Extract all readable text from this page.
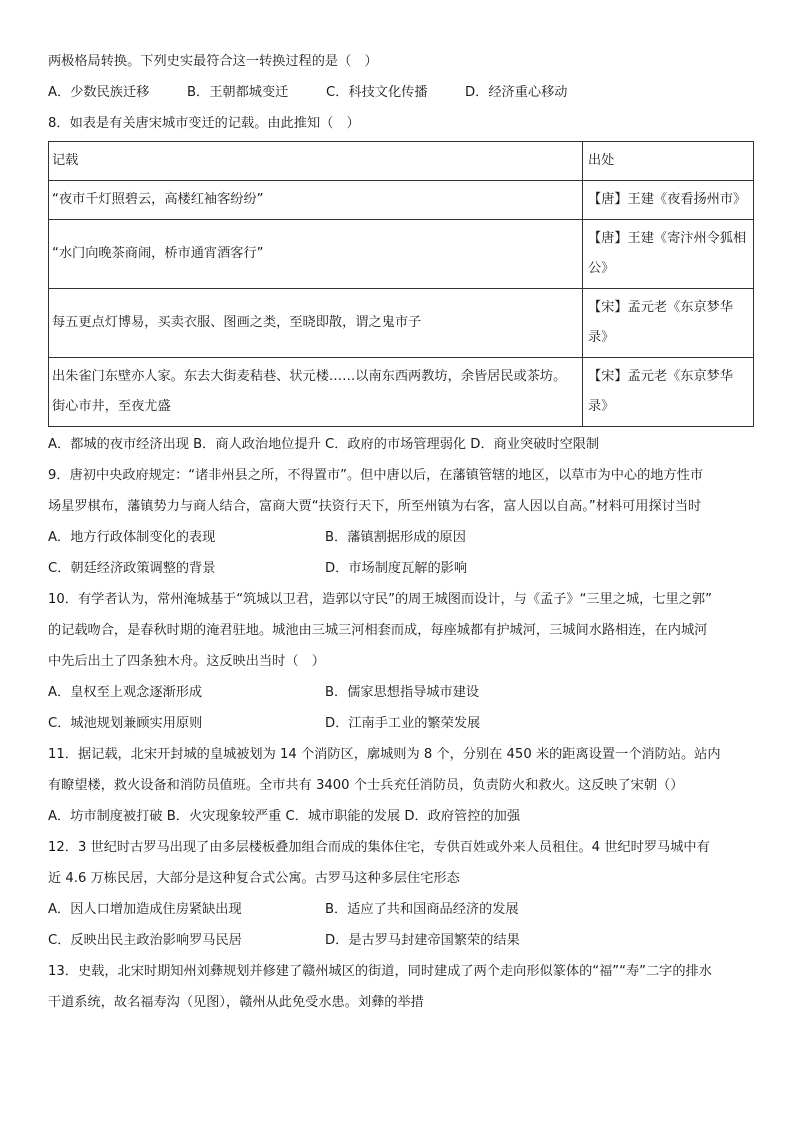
两极格局转换。下列史实最符合这一转换过程的是（　）
A．少数民族迁移	B．王朝都城变迁	C．科技文化传播	D．经济重心移动
8．如表是有关唐宋城市变迁的记载。由此推知（　）
记载	出处
“夜市千灯照碧云，高楼红袖客纷纷”	【唐】王建《夜看扬州市》
“水门向晚茶商闹，桥市通宵酒客行”	【唐】王建《寄汴州令狐相公》
每五更点灯博易，买卖衣服、图画之类，至晓即散，谓之鬼市子	【宋】孟元老《东京梦华录》
出朱雀门东壁亦人家。东去大街麦秸巷、状元楼……以南东西两教坊，余皆居民或茶坊。街心市井，至夜尤盛	【宋】孟元老《东京梦华录》
A．都城的夜市经济出现 B．商人政治地位提升 C．政府的市场管理弱化 D．商业突破时空限制
9．唐初中央政府规定：“诸非州县之所，不得置市”。但中唐以后，在藩镇管辖的地区，以草市为中心的地方性市
场星罗棋布，藩镇势力与商人结合，富商大贾“扶资行天下，所至州镇为右客，富人因以自高。”材料可用探讨当时
A．地方行政体制变化的表现	B．藩镇割据形成的原因
C．朝廷经济政策调整的背景	D．市场制度瓦解的影响
10．有学者认为，常州淹城基于“筑城以卫君，造郭以守民”的周王城图而设计，与《孟子》“三里之城，七里之郭”
的记载吻合，是春秋时期的淹君驻地。城池由三城三河相套而成，每座城都有护城河，三城间水路相连，在内城河
中先后出土了四条独木舟。这反映出当时（　）
A．皇权至上观念逐渐形成	B．儒家思想指导城市建设
C．城池规划兼顾实用原则	D．江南手工业的繁荣发展
11．据记载，北宋开封城的皇城被划为 14 个消防区，廓城则为 8 个，分别在 450 米的距离设置一个消防站。站内
有瞭望楼，救火设备和消防员值班。全市共有 3400 个士兵充任消防员，负责防火和救火。这反映了宋朝（）
A．坊市制度被打破 B．火灾现象较严重 C．城市职能的发展 D．政府管控的加强
12．3 世纪时古罗马出现了由多层楼板叠加组合而成的集体住宅，专供百姓或外来人员租住。4 世纪时罗马城中有
近 4.6 万栋民居，大部分是这种复合式公寓。古罗马这种多层住宅形态
A．因人口增加造成住房紧缺出现	B．适应了共和国商品经济的发展
C．反映出民主政治影响罗马民居	D．是古罗马封建帝国繁荣的结果
13．史载，北宋时期知州刘彝规划并修建了赣州城区的街道，同时建成了两个走向形似篆体的“福”“寿”二字的排水
干道系统，故名福寿沟（见图），赣州从此免受水患。刘彝的举措
